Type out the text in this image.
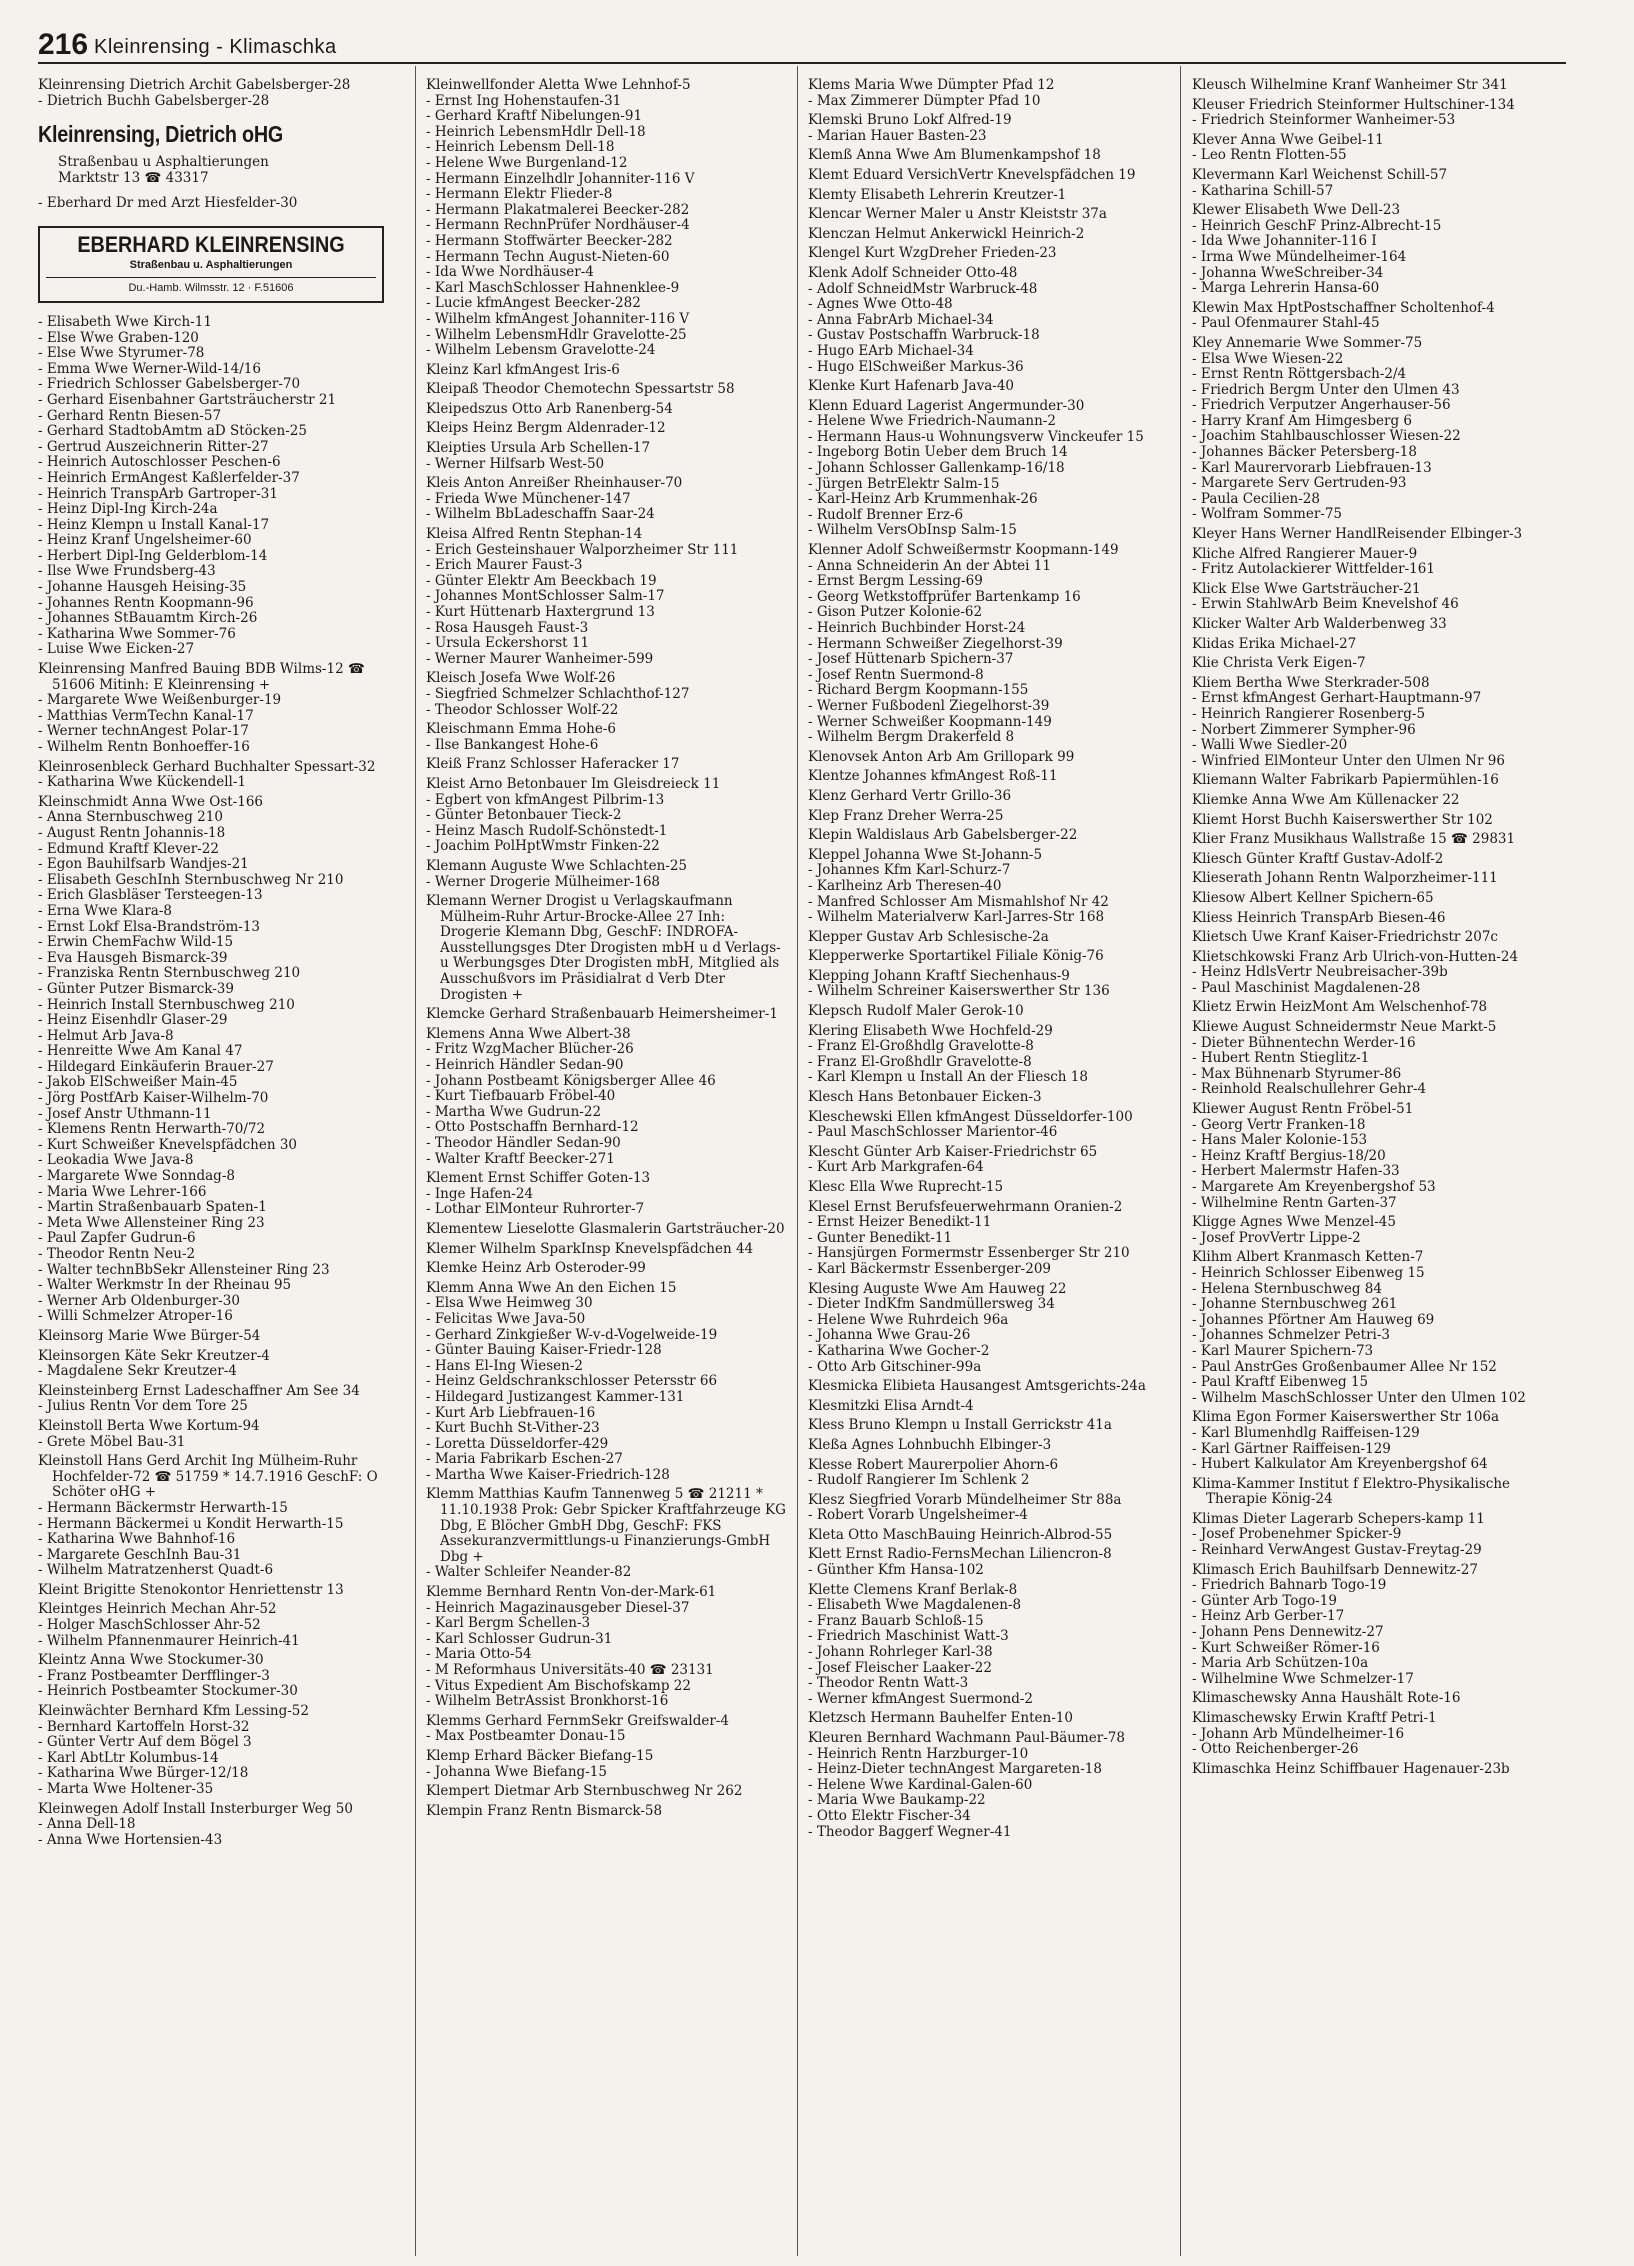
216 Kleinrensing - Klimaschka

Kleinrensing Dietrich Archit Gabelsberger-28

- Dietrich Buchh Gabelsberger-28

Kleinrensing, Dietrich oHG
Straßenbau u Asphaltierungen
Marktstr 13 ☎ 43317

- Eberhard Dr med Arzt Hiesfelder-30

EBERHARD KLEINRENSING
Straßenbau u. Asphaltierungen
Du.-Hamb. Wilmsstr. 12 · F.51606

- Elisabeth Wwe Kirch-11

- Else Wwe Graben-120

- Else Wwe Styrumer-78

- Emma Wwe Werner-Wild-14/16

- Friedrich Schlosser Gabelsberger-70

- Gerhard Eisenbahner Gartsträucherstr 21

- Gerhard Rentn Biesen-57

- Gerhard StadtobAmtm aD Stöcken-25

- Gertrud Auszeichnerin Ritter-27

- Heinrich Autoschlosser Peschen-6

- Heinrich ErmAngest Kaßlerfelder-37

- Heinrich TranspArb Gartroper-31

- Heinz Dipl-Ing Kirch-24a

- Heinz Klempn u Install Kanal-17

- Heinz Kranf Ungelsheimer-60

- Herbert Dipl-Ing Gelderblom-14

- Ilse Wwe Frundsberg-43

- Johanne Hausgeh Heising-35

- Johannes Rentn Koopmann-96

- Johannes StBauamtm Kirch-26

- Katharina Wwe Sommer-76

- Luise Wwe Eicken-27

Kleinrensing Manfred Bauing BDB Wilms-12 ☎ 51606 Mitinh: E Kleinrensing +

- Margarete Wwe Weißenburger-19

- Matthias VermTechn Kanal-17

- Werner technAngest Polar-17

- Wilhelm Rentn Bonhoeffer-16

Kleinrosenbleck Gerhard Buchhalter Spessart-32

- Katharina Wwe Kückendell-1

Kleinschmidt Anna Wwe Ost-166

- Anna Sternbuschweg 210

- August Rentn Johannis-18

- Edmund Kraftf Klever-22

- Egon Bauhilfsarb Wandjes-21

- Elisabeth GeschInh Sternbuschweg Nr 210

- Erich Glasbläser Tersteegen-13

- Erna Wwe Klara-8

- Ernst Lokf Elsa-Brandström-13

- Erwin ChemFachw Wild-15

- Eva Hausgeh Bismarck-39

- Franziska Rentn Sternbuschweg 210

- Günter Putzer Bismarck-39

- Heinrich Install Sternbuschweg 210

- Heinz Eisenhdlr Glaser-29

- Helmut Arb Java-8

- Henreitte Wwe Am Kanal 47

- Hildegard Einkäuferin Brauer-27

- Jakob ElSchweißer Main-45

- Jörg PostfArb Kaiser-Wilhelm-70

- Josef Anstr Uthmann-11

- Klemens Rentn Herwarth-70/72

- Kurt Schweißer Knevelspfädchen 30

- Leokadia Wwe Java-8

- Margarete Wwe Sonndag-8

- Maria Wwe Lehrer-166

- Martin Straßenbauarb Spaten-1

- Meta Wwe Allensteiner Ring 23

- Paul Zapfer Gudrun-6

- Theodor Rentn Neu-2

- Walter technBbSekr Allensteiner Ring 23

- Walter Werkmstr In der Rheinau 95

- Werner Arb Oldenburger-30

- Willi Schmelzer Atroper-16

Kleinsorg Marie Wwe Bürger-54

Kleinsorgen Käte Sekr Kreutzer-4

- Magdalene Sekr Kreutzer-4

Kleinsteinberg Ernst Ladeschaffner Am See 34

- Julius Rentn Vor dem Tore 25

Kleinstoll Berta Wwe Kortum-94

- Grete Möbel Bau-31

Kleinstoll Hans Gerd Archit Ing Mülheim-Ruhr Hochfelder-72 ☎ 51759 * 14.7.1916 GeschF: O Schöter oHG +

- Hermann Bäckermstr Herwarth-15

- Hermann Bäckermei u Kondit Herwarth-15

- Katharina Wwe Bahnhof-16

- Margarete GeschInh Bau-31

- Wilhelm Matratzenherst Quadt-6

Kleint Brigitte Stenokontor Henriettenstr 13

Kleintges Heinrich Mechan Ahr-52

- Holger MaschSchlosser Ahr-52

- Wilhelm Pfannenmaurer Heinrich-41

Kleintz Anna Wwe Stockumer-30

- Franz Postbeamter Derfflinger-3

- Heinrich Postbeamter Stockumer-30

Kleinwächter Bernhard Kfm Lessing-52

- Bernhard Kartoffeln Horst-32

- Günter Vertr Auf dem Bögel 3

- Karl AbtLtr Kolumbus-14

- Katharina Wwe Bürger-12/18

- Marta Wwe Holtener-35

Kleinwegen Adolf Install Insterburger Weg 50

- Anna Dell-18

- Anna Wwe Hortensien-43

Kleinwellfonder Aletta Wwe Lehnhof-5

- Ernst Ing Hohenstaufen-31

- Gerhard Kraftf Nibelungen-91

- Heinrich LebensmHdlr Dell-18

- Heinrich Lebensm Dell-18

- Helene Wwe Burgenland-12

- Hermann Einzelhdlr Johanniter-116 V

- Hermann Elektr Flieder-8

- Hermann Plakatmalerei Beecker-282

- Hermann RechnPrüfer Nordhäuser-4

- Hermann Stoffwärter Beecker-282

- Hermann Techn August-Nieten-60

- Ida Wwe Nordhäuser-4

- Karl MaschSchlosser Hahnenklee-9

- Lucie kfmAngest Beecker-282

- Wilhelm kfmAngest Johanniter-116 V

- Wilhelm LebensmHdlr Gravelotte-25

- Wilhelm Lebensm Gravelotte-24

Kleinz Karl kfmAngest Iris-6

Kleipaß Theodor Chemotechn Spessartstr 58

Kleipedszus Otto Arb Ranenberg-54

Kleips Heinz Bergm Aldenrader-12

Kleipties Ursula Arb Schellen-17

- Werner Hilfsarb West-50

Kleis Anton Anreißer Rheinhauser-70

- Frieda Wwe Münchener-147

- Wilhelm BbLadeschaffn Saar-24

Kleisa Alfred Rentn Stephan-14

- Erich Gesteinshauer Walporzheimer Str 111

- Erich Maurer Faust-3

- Günter Elektr Am Beeckbach 19

- Johannes MontSchlosser Salm-17

- Kurt Hüttenarb Haxtergrund 13

- Rosa Hausgeh Faust-3

- Ursula Eckershorst 11

- Werner Maurer Wanheimer-599

Kleisch Josefa Wwe Wolf-26

- Siegfried Schmelzer Schlachthof-127

- Theodor Schlosser Wolf-22

Kleischmann Emma Hohe-6

- Ilse Bankangest Hohe-6

Kleiß Franz Schlosser Haferacker 17

Kleist Arno Betonbauer Im Gleisdreieck 11

- Egbert von kfmAngest Pilbrim-13

- Günter Betonbauer Tieck-2

- Heinz Masch Rudolf-Schönstedt-1

- Joachim PolHptWmstr Finken-22

Klemann Auguste Wwe Schlachten-25

- Werner Drogerie Mülheimer-168

Klemann Werner Drogist u Verlagskaufmann Mülheim-Ruhr Artur-Brocke-Allee 27 Inh: Drogerie Klemann Dbg, GeschF: INDROFA-Ausstellungsges Dter Drogisten mbH u d Verlags-u Werbungsges Dter Drogisten mbH, Mitglied als Ausschußvors im Präsidialrat d Verb Dter Drogisten +

Klemcke Gerhard Straßenbauarb Heimersheimer-1

Klemens Anna Wwe Albert-38

- Fritz WzgMacher Blücher-26

- Heinrich Händler Sedan-90

- Johann Postbeamt Königsberger Allee 46

- Kurt Tiefbauarb Fröbel-40

- Martha Wwe Gudrun-22

- Otto Postschaffn Bernhard-12

- Theodor Händler Sedan-90

- Walter Kraftf Beecker-271

Klement Ernst Schiffer Goten-13

- Inge Hafen-24

- Lothar ElMonteur Ruhrorter-7

Klementew Lieselotte Glasmalerin Gartsträucher-20

Klemer Wilhelm SparkInsp Knevelspfädchen 44

Klemke Heinz Arb Osteroder-99

Klemm Anna Wwe An den Eichen 15

- Elsa Wwe Heimweg 30

- Felicitas Wwe Java-50

- Gerhard Zinkgießer W-v-d-Vogelweide-19

- Günter Bauing Kaiser-Friedr-128

- Hans El-Ing Wiesen-2

- Heinz Geldschrankschlosser Petersstr 66

- Hildegard Justizangest Kammer-131

- Kurt Arb Liebfrauen-16

- Kurt Buchh St-Vither-23

- Loretta Düsseldorfer-429

- Maria Fabrikarb Eschen-27

- Martha Wwe Kaiser-Friedrich-128

Klemm Matthias Kaufm Tannenweg 5 ☎ 21211 * 11.10.1938 Prok: Gebr Spicker Kraftfahrzeuge KG Dbg, E Blöcher GmbH Dbg, GeschF: FKS Assekuranzvermittlungs-u Finanzierungs-GmbH Dbg +

- Walter Schleifer Neander-82

Klemme Bernhard Rentn Von-der-Mark-61

- Heinrich Magazinausgeber Diesel-37

- Karl Bergm Schellen-3

- Karl Schlosser Gudrun-31

- Maria Otto-54

- M Reformhaus Universitäts-40 ☎ 23131

- Vitus Expedient Am Bischofskamp 22

- Wilhelm BetrAssist Bronkhorst-16

Klemms Gerhard FernmSekr Greifswalder-4

- Max Postbeamter Donau-15

Klemp Erhard Bäcker Biefang-15

- Johanna Wwe Biefang-15

Klempert Dietmar Arb Sternbuschweg Nr 262

Klempin Franz Rentn Bismarck-58

Klems Maria Wwe Dümpter Pfad 12

- Max Zimmerer Dümpter Pfad 10

Klemski Bruno Lokf Alfred-19

- Marian Hauer Basten-23

Klemß Anna Wwe Am Blumenkampshof 18

Klemt Eduard VersichVertr Knevelspfädchen 19

Klemty Elisabeth Lehrerin Kreutzer-1

Klencar Werner Maler u Anstr Kleiststr 37a

Klenczan Helmut Ankerwickl Heinrich-2

Klengel Kurt WzgDreher Frieden-23

Klenk Adolf Schneider Otto-48

- Adolf SchneidMstr Warbruck-48

- Agnes Wwe Otto-48

- Anna FabrArb Michael-34

- Gustav Postschaffn Warbruck-18

- Hugo EArb Michael-34

- Hugo ElSchweißer Markus-36

Klenke Kurt Hafenarb Java-40

Klenn Eduard Lagerist Angermunder-30

- Helene Wwe Friedrich-Naumann-2

- Hermann Haus-u Wohnungsverw Vinckeufer 15

- Ingeborg Botin Ueber dem Bruch 14

- Johann Schlosser Gallenkamp-16/18

- Jürgen BetrElektr Salm-15

- Karl-Heinz Arb Krummenhak-26

- Rudolf Brenner Erz-6

- Wilhelm VersObInsp Salm-15

Klenner Adolf Schweißermstr Koopmann-149

- Anna Schneiderin An der Abtei 11

- Ernst Bergm Lessing-69

- Georg Wetkstoffprüfer Bartenkamp 16

- Gison Putzer Kolonie-62

- Heinrich Buchbinder Horst-24

- Hermann Schweißer Ziegelhorst-39

- Josef Hüttenarb Spichern-37

- Josef Rentn Suermond-8

- Richard Bergm Koopmann-155

- Werner Fußbodenl Ziegelhorst-39

- Werner Schweißer Koopmann-149

- Wilhelm Bergm Drakerfeld 8

Klenovsek Anton Arb Am Grillopark 99

Klentze Johannes kfmAngest Roß-11

Klenz Gerhard Vertr Grillo-36

Klep Franz Dreher Werra-25

Klepin Waldislaus Arb Gabelsberger-22

Kleppel Johanna Wwe St-Johann-5

- Johannes Kfm Karl-Schurz-7

- Karlheinz Arb Theresen-40

- Manfred Schlosser Am Mismahlshof Nr 42

- Wilhelm Materialverw Karl-Jarres-Str 168

Klepper Gustav Arb Schlesische-2a

Klepperwerke Sportartikel Filiale König-76

Klepping Johann Kraftf Siechenhaus-9

- Wilhelm Schreiner Kaiserswerther Str 136

Klepsch Rudolf Maler Gerok-10

Klering Elisabeth Wwe Hochfeld-29

- Franz El-Großhdlg Gravelotte-8

- Franz El-Großhdlr Gravelotte-8

- Karl Klempn u Install An der Fliesch 18

Klesch Hans Betonbauer Eicken-3

Kleschewski Ellen kfmAngest Düsseldorfer-100

- Paul MaschSchlosser Marientor-46

Klescht Günter Arb Kaiser-Friedrichstr 65

- Kurt Arb Markgrafen-64

Klesc Ella Wwe Ruprecht-15

Klesel Ernst Berufsfeuerwehrmann Oranien-2

- Ernst Heizer Benedikt-11

- Gunter Benedikt-11

- Hansjürgen Formermstr Essenberger Str 210

- Karl Bäckermstr Essenberger-209

Klesing Auguste Wwe Am Hauweg 22

- Dieter IndKfm Sandmüllersweg 34

- Helene Wwe Ruhrdeich 96a

- Johanna Wwe Grau-26

- Katharina Wwe Gocher-2

- Otto Arb Gitschiner-99a

Klesmicka Elibieta Hausangest Amtsgerichts-24a

Klesmitzki Elisa Arndt-4

Kless Bruno Klempn u Install Gerrickstr 41a

Kleßa Agnes Lohnbuchh Elbinger-3

Klesse Robert Maurerpolier Ahorn-6

- Rudolf Rangierer Im Schlenk 2

Klesz Siegfried Vorarb Mündelheimer Str 88a

- Robert Vorarb Ungelsheimer-4

Kleta Otto MaschBauing Heinrich-Albrod-55

Klett Ernst Radio-FernsMechan Liliencron-8

- Günther Kfm Hansa-102

Klette Clemens Kranf Berlak-8

- Elisabeth Wwe Magdalenen-8

- Franz Bauarb Schloß-15

- Friedrich Maschinist Watt-3

- Johann Rohrleger Karl-38

- Josef Fleischer Laaker-22

- Theodor Rentn Watt-3

- Werner kfmAngest Suermond-2

Kletzsch Hermann Bauhelfer Enten-10

Kleuren Bernhard Wachmann Paul-Bäumer-78

- Heinrich Rentn Harzburger-10

- Heinz-Dieter technAngest Margareten-18

- Helene Wwe Kardinal-Galen-60

- Maria Wwe Baukamp-22

- Otto Elektr Fischer-34

- Theodor Baggerf Wegner-41

Kleusch Wilhelmine Kranf Wanheimer Str 341

Kleuser Friedrich Steinformer Hultschiner-134

- Friedrich Steinformer Wanheimer-53

Klever Anna Wwe Geibel-11

- Leo Rentn Flotten-55

Klevermann Karl Weichenst Schill-57

- Katharina Schill-57

Klewer Elisabeth Wwe Dell-23

- Heinrich GeschF Prinz-Albrecht-15

- Ida Wwe Johanniter-116 I

- Irma Wwe Mündelheimer-164

- Johanna WweSchreiber-34

- Marga Lehrerin Hansa-60

Klewin Max HptPostschaffner Scholtenhof-4

- Paul Ofenmaurer Stahl-45

Kley Annemarie Wwe Sommer-75

- Elsa Wwe Wiesen-22

- Ernst Rentn Röttgersbach-2/4

- Friedrich Bergm Unter den Ulmen 43

- Friedrich Verputzer Angerhauser-56

- Harry Kranf Am Himgesberg 6

- Joachim Stahlbauschlosser Wiesen-22

- Johannes Bäcker Petersberg-18

- Karl Maurervorarb Liebfrauen-13

- Margarete Serv Gertruden-93

- Paula Cecilien-28

- Wolfram Sommer-75

Kleyer Hans Werner HandlReisender Elbinger-3

Kliche Alfred Rangierer Mauer-9

- Fritz Autolackierer Wittfelder-161

Klick Else Wwe Gartsträucher-21

- Erwin StahlwArb Beim Knevelshof 46

Klicker Walter Arb Walderbenweg 33

Klidas Erika Michael-27

Klie Christa Verk Eigen-7

Kliem Bertha Wwe Sterkrader-508

- Ernst kfmAngest Gerhart-Hauptmann-97

- Heinrich Rangierer Rosenberg-5

- Norbert Zimmerer Sympher-96

- Walli Wwe Siedler-20

- Winfried ElMonteur Unter den Ulmen Nr 96

Kliemann Walter Fabrikarb Papiermühlen-16

Kliemke Anna Wwe Am Küllenacker 22

Kliemt Horst Buchh Kaiserswerther Str 102

Klier Franz Musikhaus Wallstraße 15 ☎ 29831

Kliesch Günter Kraftf Gustav-Adolf-2

Klieserath Johann Rentn Walporzheimer-111

Kliesow Albert Kellner Spichern-65

Kliess Heinrich TranspArb Biesen-46

Klietsch Uwe Kranf Kaiser-Friedrichstr 207c

Klietschkowski Franz Arb Ulrich-von-Hutten-24

- Heinz HdlsVertr Neubreisacher-39b

- Paul Maschinist Magdalenen-28

Klietz Erwin HeizMont Am Welschenhof-78

Kliewe August Schneidermstr Neue Markt-5

- Dieter Bühnentechn Werder-16

- Hubert Rentn Stieglitz-1

- Max Bühnenarb Styrumer-86

- Reinhold Realschullehrer Gehr-4

Kliewer August Rentn Fröbel-51

- Georg Vertr Franken-18

- Hans Maler Kolonie-153

- Heinz Kraftf Bergius-18/20

- Herbert Malermstr Hafen-33

- Margarete Am Kreyenbergshof 53

- Wilhelmine Rentn Garten-37

Kligge Agnes Wwe Menzel-45

- Josef ProvVertr Lippe-2

Klihm Albert Kranmasch Ketten-7

- Heinrich Schlosser Eibenweg 15

- Helena Sternbuschweg 84

- Johanne Sternbuschweg 261

- Johannes Pförtner Am Hauweg 69

- Johannes Schmelzer Petri-3

- Karl Maurer Spichern-73

- Paul AnstrGes Großenbaumer Allee Nr 152

- Paul Kraftf Eibenweg 15

- Wilhelm MaschSchlosser Unter den Ulmen 102

Klima Egon Former Kaiserswerther Str 106a

- Karl Blumenhdlg Raiffeisen-129

- Karl Gärtner Raiffeisen-129

- Hubert Kalkulator Am Kreyenbergshof 64

Klima-Kammer Institut f Elektro-Physikalische Therapie König-24

Klimas Dieter Lagerarb Schepers-kamp 11

- Josef Probenehmer Spicker-9

- Reinhard VerwAngest Gustav-Freytag-29

Klimasch Erich Bauhilfsarb Dennewitz-27

- Friedrich Bahnarb Togo-19

- Günter Arb Togo-19

- Heinz Arb Gerber-17

- Johann Pens Dennewitz-27

- Kurt Schweißer Römer-16

- Maria Arb Schützen-10a

- Wilhelmine Wwe Schmelzer-17

Klimaschewsky Anna Haushält Rote-16

Klimaschewsky Erwin Kraftf Petri-1

- Johann Arb Mündelheimer-16

- Otto Reichenberger-26

Klimaschka Heinz Schiffbauer Hagenauer-23b
